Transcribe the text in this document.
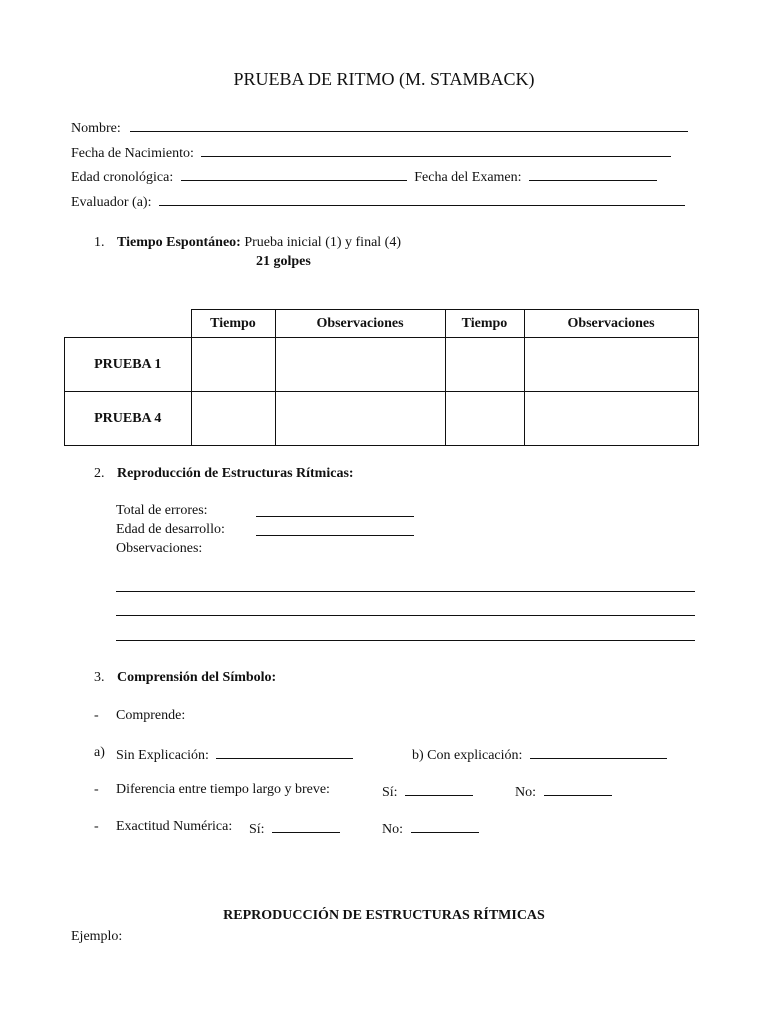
PRUEBA DE RITMO (M. STAMBACK)
Nombre:
Fecha de Nacimiento:
Edad cronológica:	Fecha del Examen:
Evaluador (a):
1. Tiempo Espontáneo: Prueba inicial (1) y final (4)
21 golpes
	Tiempo	Observaciones	Tiempo	Observaciones
PRUEBA 1				
PRUEBA 4				
2. Reproducción de Estructuras Rítmicas:
Total de errores:
Edad de desarrollo:
Observaciones:
3. Comprensión del Símbolo:
- Comprende:
a) Sin Explicación:	b) Con explicación:
- Diferencia entre tiempo largo y breve:	Sí:	No:
- Exactitud Numérica: Sí:	No:
REPRODUCCIÓN DE ESTRUCTURAS RÍTMICAS
Ejemplo:
